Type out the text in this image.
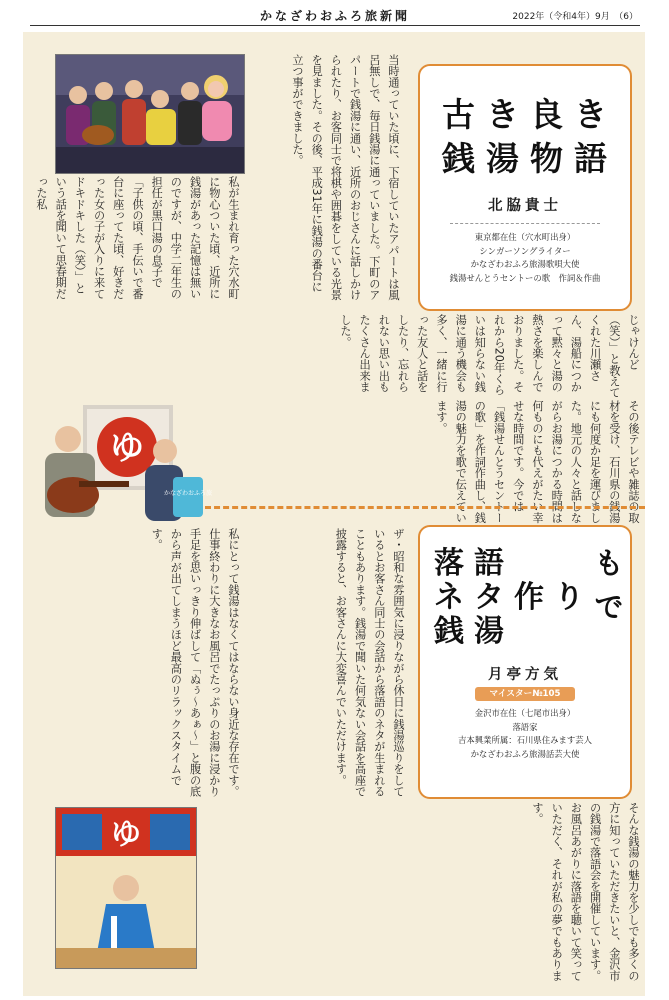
かなざわおふろ旅新聞	2022年（令和4年）9月　（6）

私が生まれ育った穴水町に物心ついた頃、近所に銭湯があった記憶は無いのですが、中学二年生の担任が黒口湯の息子で「子供の頃、手伝いで番台に座ってた頃、好きだった女の子が入りに来てドキドキした（笑）」という話を聞いて思春期だった私	当時通っていた頃に、下宿していたアパートは風呂無しで、毎日銭湯に通っていました。下町のアパートで銭湯に通い、近所のおじさんに話しかけられたり、お客同士で将棋や囲碁をしている光景を見ました。その後、平成31年に銭湯の番台に立つ事ができました。	古き良き
銭湯物語
北脇貴士
東京都在住（穴水町出身）
シンガーソングライター
かなざわおふろ旅湯歌唄大使
銭湯せんとうセントーの歌　作詞＆作曲
ゆ
かなざわおふろ旅

じゃけんど（笑）」と教えてくれた川瀬さん、湯船につかって黙々と湯の熱さを楽しんでおりました。それから20年くらいは知らない銭湯に通う機会も多く、一緒に行った友人と話をしたり、忘れられない思い出もたくさん出来ました。

その後テレビや雑誌の取材を受け、石川県の銭湯にも何度か足を運びました。地元の人々と話しながらお湯につかる時間は何ものにも代えがたい幸せな時間です。今では「銭湯せんとうセントーの歌」を作詞作曲し、銭湯の魅力を歌で伝えています。

私にとって銭湯はなくてはならない身近な存在です。仕事終わりに大きなお風呂でたっぷりのお湯に浸かり手足を思いっきり伸ばして「ぬぅ～あぁ～」と腹の底から声が出てしまうほど最高のリラックスタイムです。	ザ・昭和な雰囲気に浸りながら休日に銭湯巡りをしているとお客さん同士の会話から落語のネタが生まれることもあります。銭湯で聞いた何気ない会話を高座で披露すると、お客さんに大変喜んでいただけます。	落語
ネタ作り
銭湯	もで
月亭方気
マイスター№105
金沢市在住（七尾市出身）
落語家
吉本興業所属：石川県住みます芸人
かなざわおふろ旅湯話芸大使

そんな銭湯の魅力を少しでも多くの方に知っていただきたいと、金沢市の銭湯で落語会を開催しています。お風呂あがりに落語を聴いて笑っていただく、それが私の夢でもあります。

ゆ
